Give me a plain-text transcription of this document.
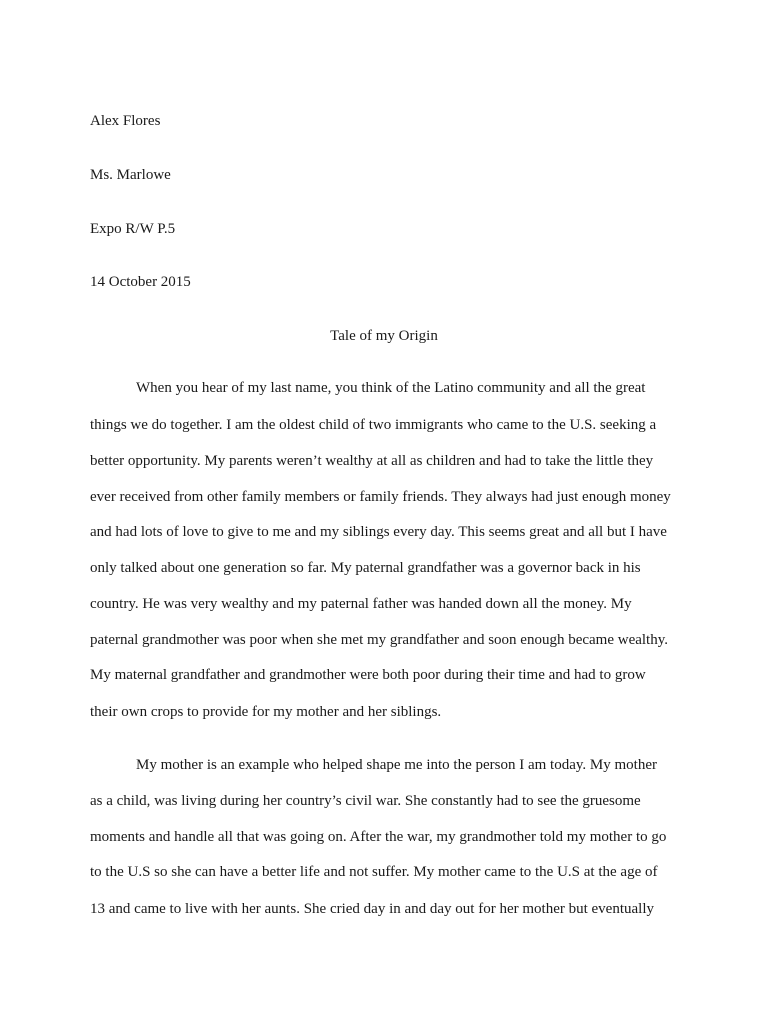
Alex Flores
Ms. Marlowe
Expo R/W P.5
14 October 2015
Tale of my Origin
When you hear of my last name, you think of the Latino community and all the great
things we do together. I am the oldest child of two immigrants who came to the U.S. seeking a
better opportunity. My parents weren’t wealthy at all as children and had to take the little they
ever received from other family members or family friends. They always had just enough money
and had lots of love to give to me and my siblings every day. This seems great and all but I have
only talked about one generation so far. My paternal grandfather was a governor back in his
country. He was very wealthy and my paternal father was handed down all the money. My
paternal grandmother was poor when she met my grandfather and soon enough became wealthy.
My maternal grandfather and grandmother were both poor during their time and had to grow
their own crops to provide for my mother and her siblings.
My mother is an example who helped shape me into the person I am today. My mother
as a child, was living during her country’s civil war. She constantly had to see the gruesome
moments and handle all that was going on. After the war, my grandmother told my mother to go
to the U.S so she can have a better life and not suffer. My mother came to the U.S at the age of
13 and came to live with her aunts. She cried day in and day out for her mother but eventually
